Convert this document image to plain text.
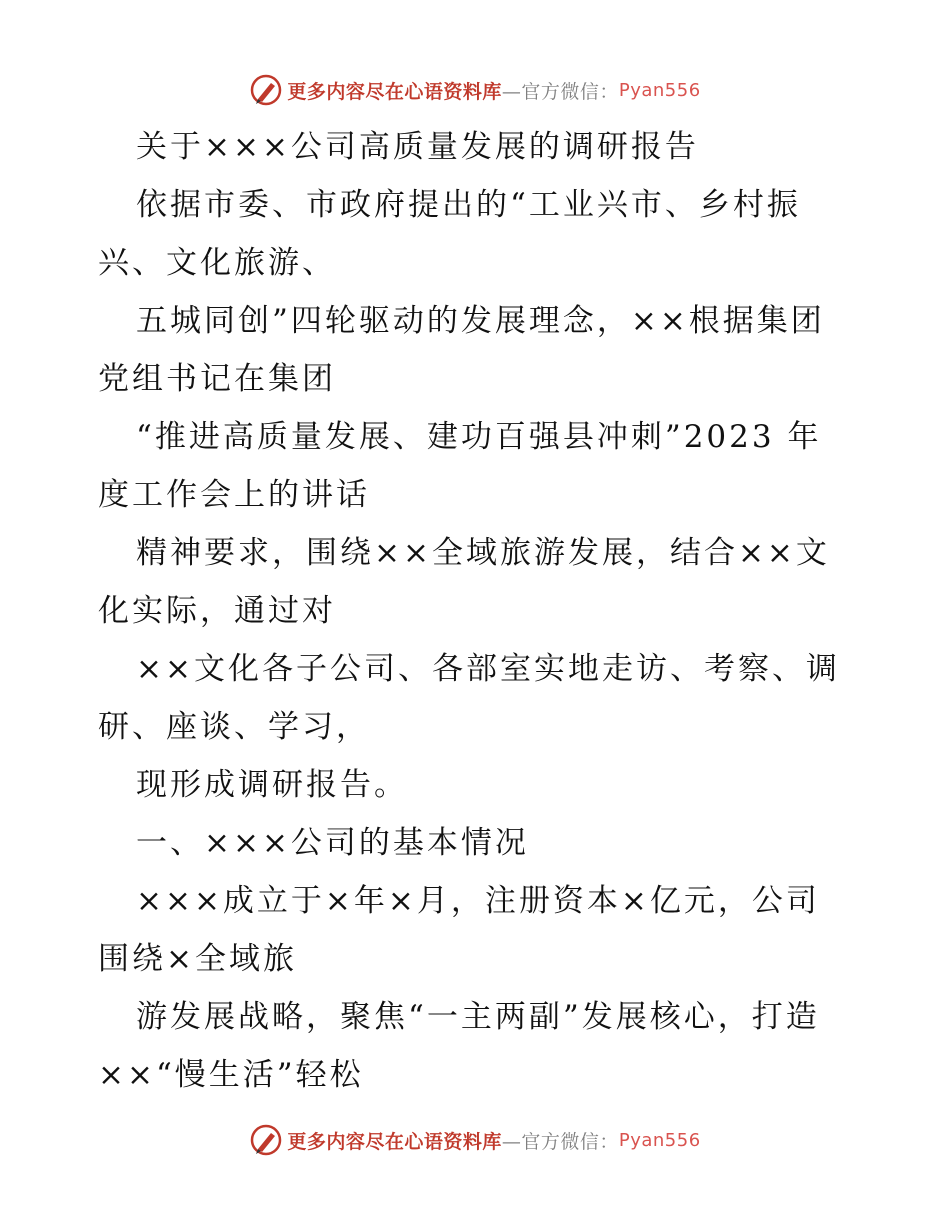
更多内容尽在心语资料库 —官方微信： Pyan556
关于×××公司高质量发展的调研报告
依据市委、市政府提出的“工业兴市、乡村振
兴、文化旅游、
五城同创”四轮驱动的发展理念，××根据集团
党组书记在集团
“推进高质量发展、建功百强县冲刺”2023 年
度工作会上的讲话
精神要求，围绕××全域旅游发展，结合××文
化实际，通过对
××文化各子公司、各部室实地走访、考察、调
研、座谈、学习，
现形成调研报告。
一、×××公司的基本情况
×××成立于×年×月，注册资本×亿元，公司
围绕×全域旅
游发展战略，聚焦“一主两副”发展核心，打造
××“慢生活”轻松
更多内容尽在心语资料库 —官方微信： Pyan556
